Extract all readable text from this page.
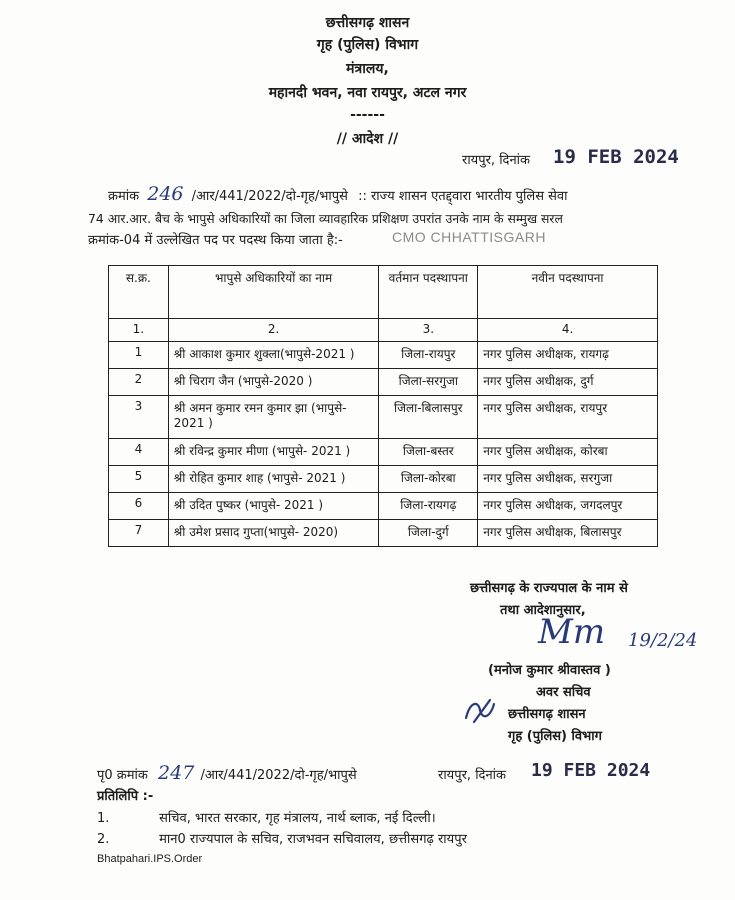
छत्तीसगढ़ शासन
गृह (पुलिस) विभाग
मंत्रालय,
महानदी भवन, नवा रायपुर, अटल नगर
------
// आदेश //
रायपुर, दिनांक 19 FEB 2024
क्रमांक 246 /आर/441/2022/दो-गृह/भापुसे :: राज्य शासन एतद्द्वारा भारतीय पुलिस सेवा
74 आर.आर. बैच के भापुसे अधिकारियों का जिला व्यावहारिक प्रशिक्षण उपरांत उनके नाम के सम्मुख सरल
क्रमांक-04 में उल्लेखित पद पर पदस्थ किया जाता है:-	CMO CHHATTISGARH
स.क्र.	भापुसे अधिकारियों का नाम	वर्तमान पदस्थापना	नवीन पदस्थापना
1.	2.	3.	4.
1	श्री आकाश कुमार शुक्ला(भापुसे-2021 )	जिला-रायपुर	नगर पुलिस अधीक्षक, रायगढ़
2	श्री चिराग जैन (भापुसे-2020 )	जिला-सरगुजा	नगर पुलिस अधीक्षक, दुर्ग
3	श्री अमन कुमार रमन कुमार झा (भापुसे- 2021 )	जिला-बिलासपुर	नगर पुलिस अधीक्षक, रायपुर
4	श्री रविन्द्र कुमार मीणा (भापुसे- 2021 )	जिला-बस्तर	नगर पुलिस अधीक्षक, कोरबा
5	श्री रोहित कुमार शाह (भापुसे- 2021 )	जिला-कोरबा	नगर पुलिस अधीक्षक, सरगुजा
6	श्री उदित पुष्कर (भापुसे- 2021 )	जिला-रायगढ़	नगर पुलिस अधीक्षक, जगदलपुर
7	श्री उमेश प्रसाद गुप्ता(भापुसे- 2020)	जिला-दुर्ग	नगर पुलिस अधीक्षक, बिलासपुर
छत्तीसगढ़ के राज्यपाल के नाम से
तथा आदेशानुसार,
Mm 19/2/24
(मनोज कुमार श्रीवास्तव )
अवर सचिव
छत्तीसगढ़ शासन
गृह (पुलिस) विभाग
पृ0 क्रमांक 247 /आर/441/2022/दो-गृह/भापुसे	रायपुर, दिनांक 19 FEB 2024
प्रतिलिपि :-
1.	सचिव, भारत सरकार, गृह मंत्रालय, नार्थ ब्लाक, नई दिल्ली।
2.	मान0 राज्यपाल के सचिव, राजभवन सचिवालय, छत्तीसगढ़ रायपुर
Bhatpahari.IPS.Order
